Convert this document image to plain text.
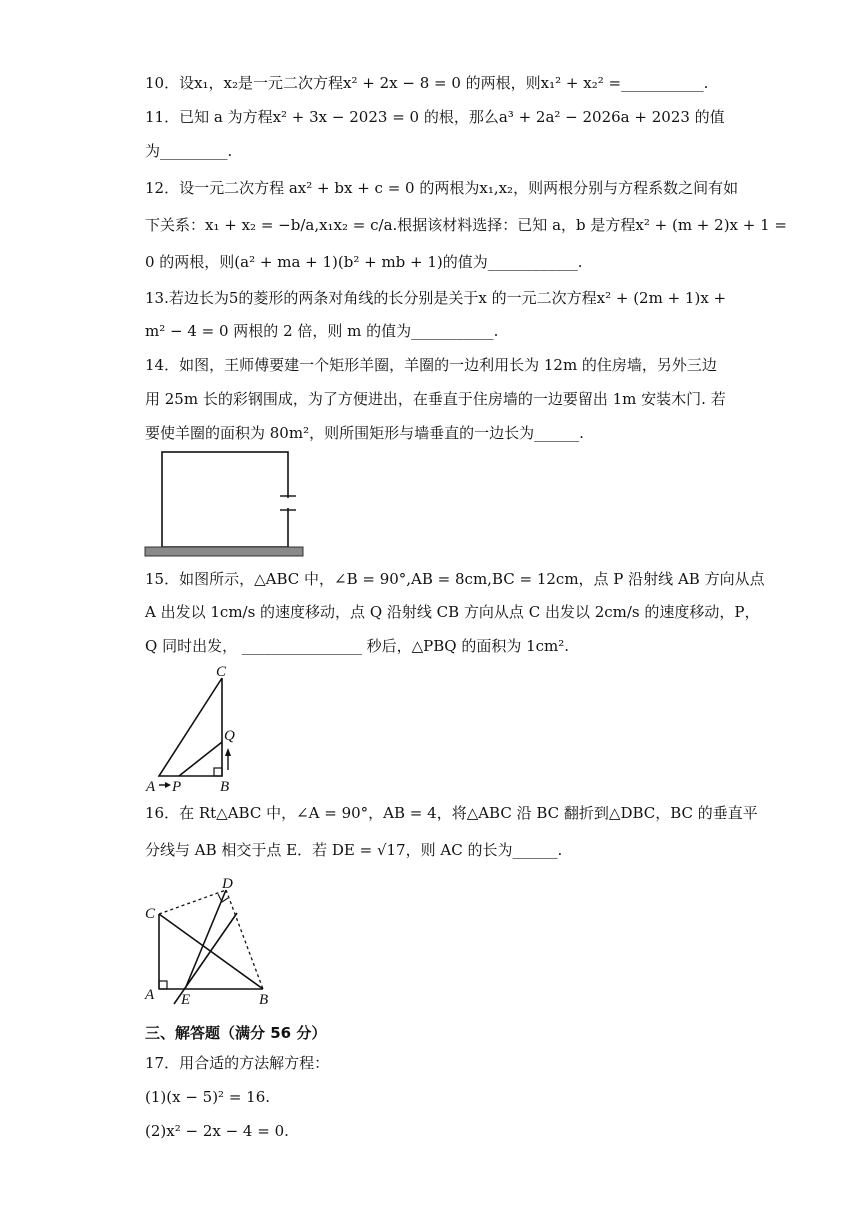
10．设x₁，x₂是一元二次方程x² + 2x − 8 = 0 的两根，则x₁² + x₂² =___________.
11．已知 a 为方程x² + 3x − 2023 = 0 的根，那么a³ + 2a² − 2026a + 2023 的值
为_________.
12．设一元二次方程 ax² + bx + c = 0 的两根为x₁,x₂，则两根分别与方程系数之间有如
下关系：x₁ + x₂ = −b/a,x₁x₂ = c/a.根据该材料选择：已知 a，b 是方程x² + (m + 2)x + 1 =
0 的两根，则(a² + ma + 1)(b² + mb + 1)的值为____________.
13.若边长为5的菱形的两条对角线的长分别是关于x 的一元二次方程x² + (2m + 1)x +
m² − 4 = 0 两根的 2 倍，则 m 的值为___________.
14．如图，王师傅要建一个矩形羊圈，羊圈的一边利用长为 12m 的住房墙，另外三边
用 25m 长的彩钢围成，为了方便进出，在垂直于住房墙的一边要留出 1m 安装木门. 若
要使羊圈的面积为 80m²，则所围矩形与墙垂直的一边长为______.
15．如图所示，△ABC 中，∠B = 90°,AB = 8cm,BC = 12cm，点 P 沿射线 AB 方向从点
A 出发以 1cm/s 的速度移动，点 Q 沿射线 CB 方向从点 C 出发以 2cm/s 的速度移动，P，
Q 同时出发， ________________ 秒后，△PBQ 的面积为 1cm².
C
Q
A P	B
16．在 Rt△ABC 中，∠A = 90°，AB = 4，将△ABC 沿 BC 翻折到△DBC，BC 的垂直平
分线与 AB 相交于点 E．若 DE = √17，则 AC 的长为______.
C
D
A E	B
三、解答题（满分 56 分）
17．用合适的方法解方程：
(1)(x − 5)² = 16.
(2)x² − 2x − 4 = 0.
